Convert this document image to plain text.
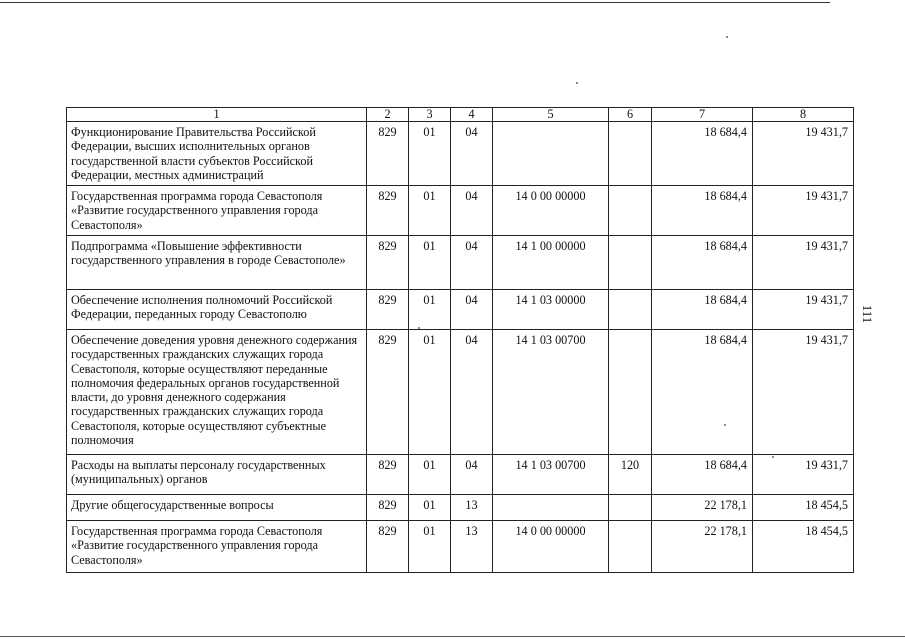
111
1	2	3	4	5	6	7	8
Функционирование Правительства Российской Федерации, высших исполнительных органов государственной власти субъектов Российской Федерации, местных администраций	829	01	04			18 684,4	19 431,7
Государственная программа города Севастополя «Развитие государственного управления города Севастополя»	829	01	04	14 0 00 00000		18 684,4	19 431,7
Подпрограмма «Повышение эффективности государственного управления в городе Севастополе»	829	01	04	14 1 00 00000		18 684,4	19 431,7
Обеспечение исполнения полномочий Российской Федерации, переданных городу Севастополю	829	01	04	14 1 03 00000		18 684,4	19 431,7
Обеспечение доведения уровня денежного содержания государственных гражданских служащих города Севастополя, которые осуществляют переданные полномочия федеральных органов государственной власти, до уровня денежного содержания государственных гражданских служащих города Севастополя, которые осуществляют субъектные полномочия	829	01	04	14 1 03 00700		18 684,4	19 431,7
Расходы на выплаты персоналу государственных (муниципальных) органов	829	01	04	14 1 03 00700	120	18 684,4	19 431,7
Другие общегосударственные вопросы	829	01	13			22 178,1	18 454,5
Государственная программа города Севастополя «Развитие государственного управления города Севастополя»	829	01	13	14 0 00 00000		22 178,1	18 454,5
